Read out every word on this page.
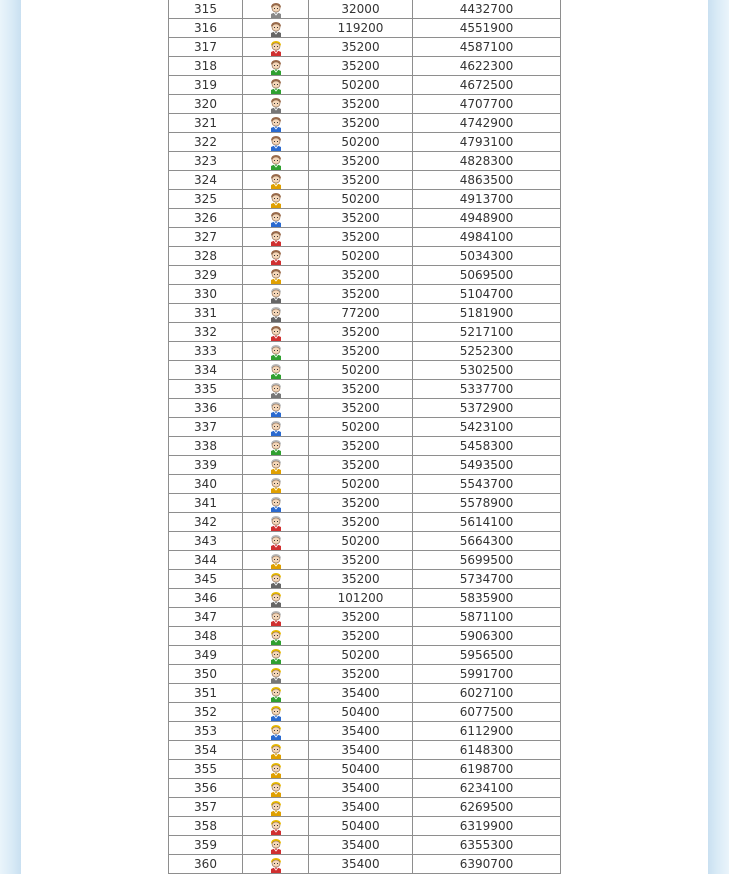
315		32000	4432700
316		119200	4551900
317		35200	4587100
318		35200	4622300
319		50200	4672500
320		35200	4707700
321		35200	4742900
322		50200	4793100
323		35200	4828300
324		35200	4863500
325		50200	4913700
326		35200	4948900
327		35200	4984100
328		50200	5034300
329		35200	5069500
330		35200	5104700
331		77200	5181900
332		35200	5217100
333		35200	5252300
334		50200	5302500
335		35200	5337700
336		35200	5372900
337		50200	5423100
338		35200	5458300
339		35200	5493500
340		50200	5543700
341		35200	5578900
342		35200	5614100
343		50200	5664300
344		35200	5699500
345		35200	5734700
346		101200	5835900
347		35200	5871100
348		35200	5906300
349		50200	5956500
350		35200	5991700
351		35400	6027100
352		50400	6077500
353		35400	6112900
354		35400	6148300
355		50400	6198700
356		35400	6234100
357		35400	6269500
358		50400	6319900
359		35400	6355300
360		35400	6390700
